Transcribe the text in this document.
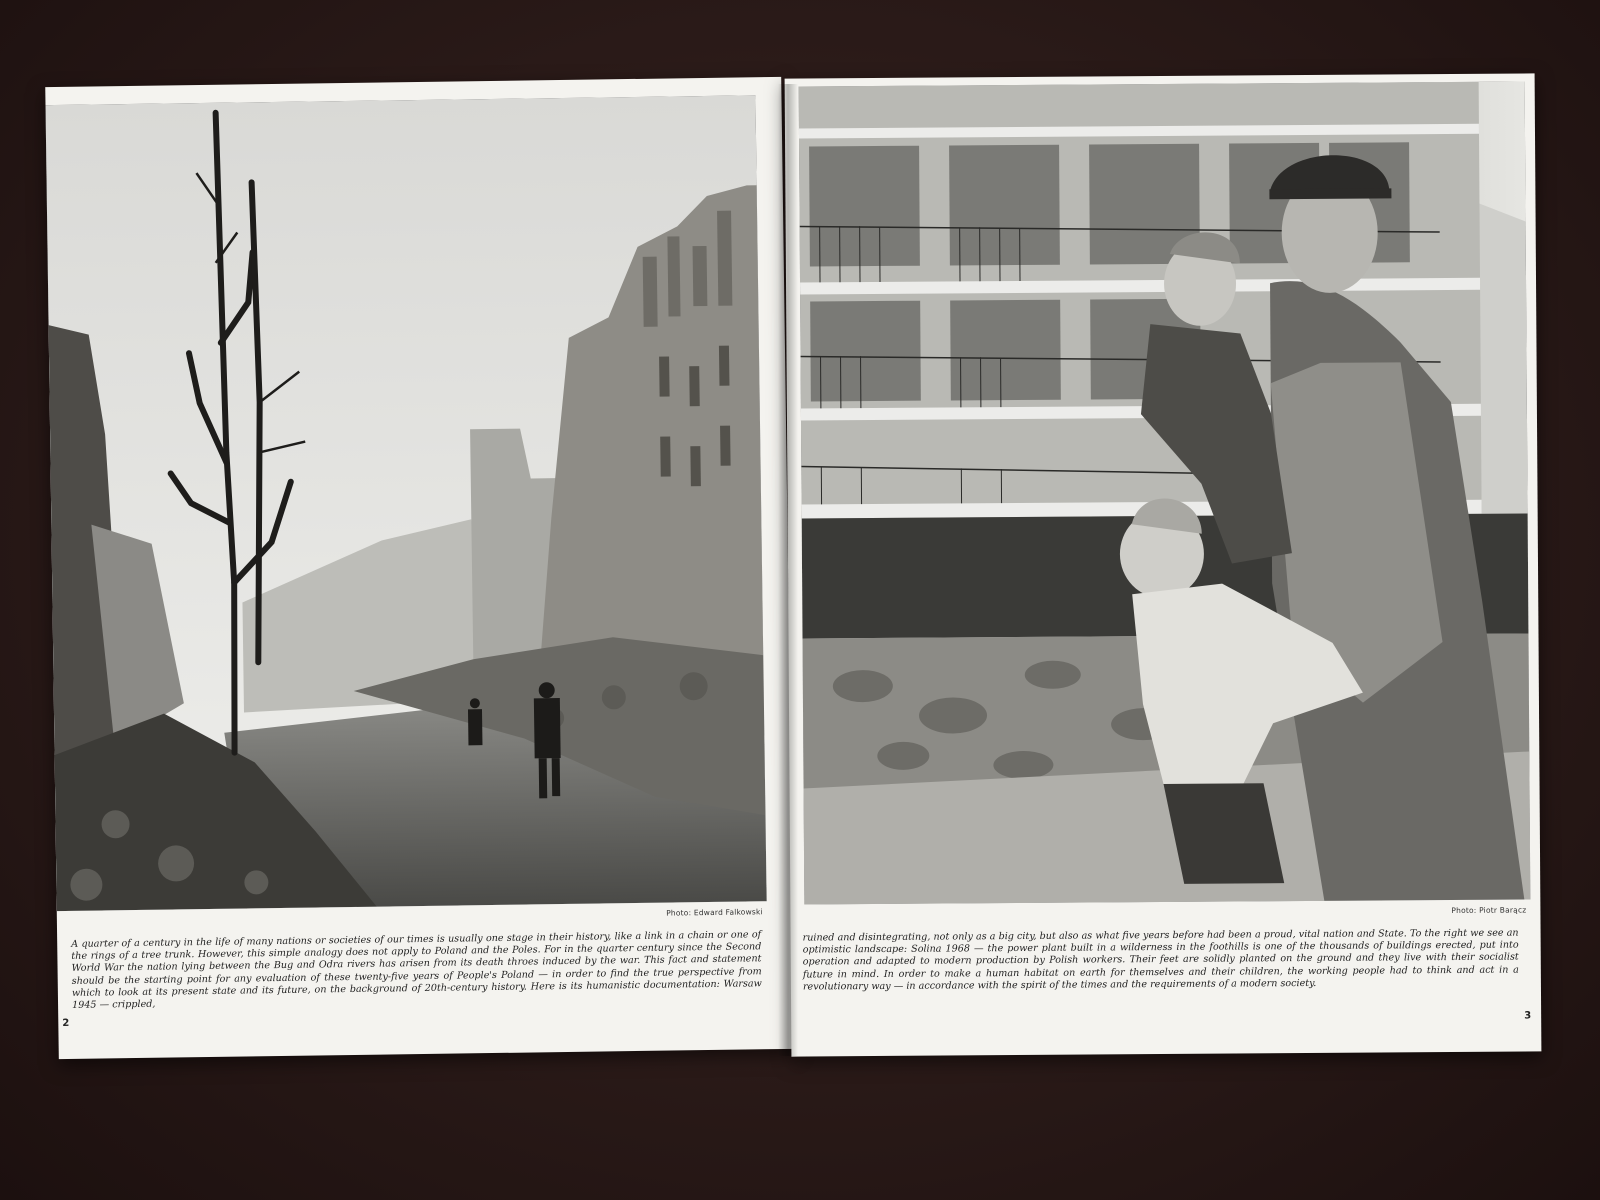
Photo: Edward Falkowski
A quarter of a century in the life of many nations or societies of our times is usually one stage in their history, like a link in a chain or one of the rings of a tree trunk. However, this simple analogy does not apply to Poland and the Poles. For in the quarter century since the Second World War the nation lying between the Bug and Odra rivers has arisen from its death throes induced by the war. This fact and statement should be the starting point for any evaluation of these twenty-five years of People's Poland — in order to find the true perspective from which to look at its present state and its future, on the background of 20th-century history. Here is its humanistic documentation: Warsaw 1945 — crippled,
2
Photo: Piotr Barącz
ruined and disintegrating, not only as a big city, but also as what five years before had been a proud, vital nation and State. To the right we see an optimistic landscape: Solina 1968 — the power plant built in a wilderness in the foothills is one of the thousands of buildings erected, put into operation and adapted to modern production by Polish workers. Their feet are solidly planted on the ground and they live with their socialist future in mind. In order to make a human habitat on earth for themselves and their children, the working people had to think and act in a revolutionary way — in accordance with the spirit of the times and the requirements of a modern society.
3
